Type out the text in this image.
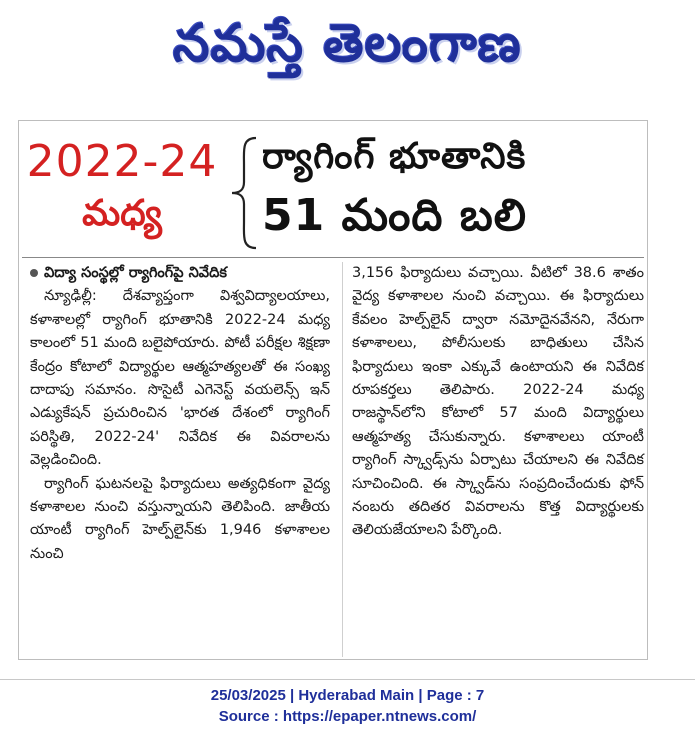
నమస్తే తెలంగాణ
2022-24
మధ్య
ర్యాగింగ్ భూతానికి
51 మంది బలి
విద్యా సంస్థల్లో ర్యాగింగ్‌పై నివేదిక
న్యూఢిల్లీ: దేశవ్యాప్తంగా విశ్వవిద్యాలయాలు, కళాశాలల్లో ర్యాగింగ్ భూతానికి 2022-24 మధ్య కాలంలో 51 మంది బలైపోయారు. పోటీ పరీక్షల శిక్షణా కేంద్రం కోటాలో విద్యార్థుల ఆత్మహత్యలతో ఈ సంఖ్య దాదాపు సమానం. సొసైటీ ఎగెనెస్ట్ వయలెన్స్ ఇన్ ఎడ్యుకేషన్ ప్రచురించిన 'భారత దేశంలో ర్యాగింగ్ పరిస్థితి, 2022-24' నివేదిక ఈ వివరాలను వెల్లడించింది.
ర్యాగింగ్ ఘటనలపై ఫిర్యాదులు అత్యధికంగా వైద్య కళాశాలల నుంచి వస్తున్నాయని తెలిపింది. జాతీయ యాంటీ ర్యాగింగ్ హెల్ప్‌లైన్‌కు 1,946 కళాశాలల నుంచి
3,156 ఫిర్యాదులు వచ్చాయి. వీటిలో 38.6 శాతం వైద్య కళాశాలల నుంచి వచ్చాయి. ఈ ఫిర్యాదులు కేవలం హెల్ప్‌లైన్ ద్వారా నమోదైనవేనని, నేరుగా కళాశాలలు, పోలీసులకు బాధితులు చేసిన ఫిర్యాదులు ఇంకా ఎక్కువే ఉంటాయని ఈ నివేదిక రూపకర్తలు తెలిపారు. 2022-24 మధ్య రాజస్థాన్‌లోని కోటాలో 57 మంది విద్యార్థులు ఆత్మహత్య చేసుకున్నారు. కళాశాలలు యాంటీ ర్యాగింగ్ స్క్వాడ్స్‌ను ఏర్పాటు చేయాలని ఈ నివేదిక సూచించింది. ఈ స్క్వాడ్‌ను సంప్రదించేందుకు ఫోన్ నంబరు తదితర వివరాలను కొత్త విద్యార్థులకు తెలియజేయాలని పేర్కొంది.
25/03/2025 | Hyderabad Main | Page : 7
Source : https://epaper.ntnews.com/
